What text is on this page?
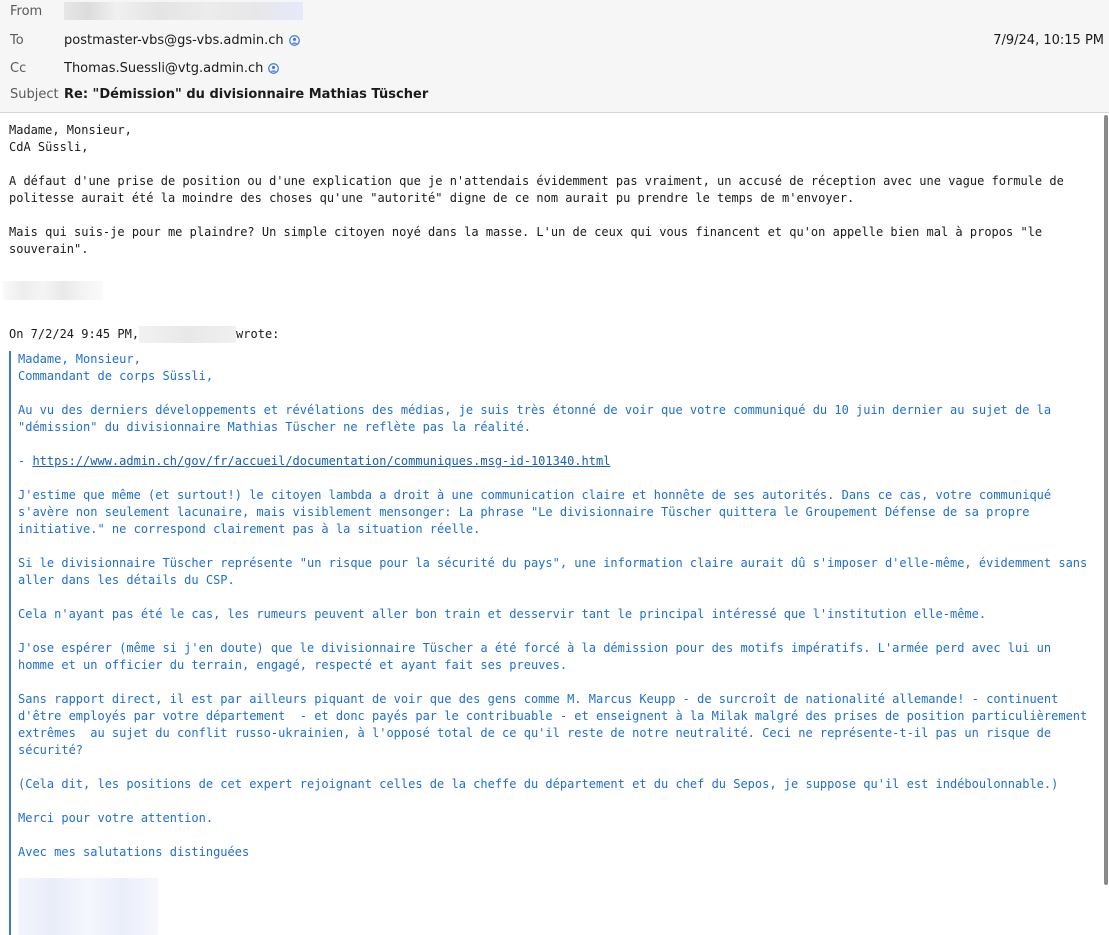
From
To	postmaster-vbs@gs-vbs.admin.ch	7/9/24, 10:15 PM
Cc	Thomas.Suessli@vtg.admin.ch
Subject Re: "Démission" du divisionnaire Mathias Tüscher
Madame, Monsieur,
CdA Süssli,
A défaut d'une prise de position ou d'une explication que je n'attendais évidemment pas vraiment, un accusé de réception avec une vague formule de
politesse aurait été la moindre des choses qu'une "autorité" digne de ce nom aurait pu prendre le temps de m'envoyer.
Mais qui suis-je pour me plaindre? Un simple citoyen noyé dans la masse. L'un de ceux qui vous financent et qu'on appelle bien mal à propos "le
souverain".
On 7/2/24 9:45 PM,	wrote:
Madame, Monsieur,
Commandant de corps Süssli,
Au vu des derniers développements et révélations des médias, je suis très étonné de voir que votre communiqué du 10 juin dernier au sujet de la
"démission" du divisionnaire Mathias Tüscher ne reflète pas la réalité.
- https://www.admin.ch/gov/fr/accueil/documentation/communiques.msg-id-101340.html
J'estime que même (et surtout!) le citoyen lambda a droit à une communication claire et honnête de ses autorités. Dans ce cas, votre communiqué
s'avère non seulement lacunaire, mais visiblement mensonger: La phrase "Le divisionnaire Tüscher quittera le Groupement Défense de sa propre
initiative." ne correspond clairement pas à la situation réelle.
Si le divisionnaire Tüscher représente "un risque pour la sécurité du pays", une information claire aurait dû s'imposer d'elle-même, évidemment sans
aller dans les détails du CSP.
Cela n'ayant pas été le cas, les rumeurs peuvent aller bon train et desservir tant le principal intéressé que l'institution elle-même.
J'ose espérer (même si j'en doute) que le divisionnaire Tüscher a été forcé à la démission pour des motifs impératifs. L'armée perd avec lui un
homme et un officier du terrain, engagé, respecté et ayant fait ses preuves.
Sans rapport direct, il est par ailleurs piquant de voir que des gens comme M. Marcus Keupp - de surcroît de nationalité allemande! - continuent
d'être employés par votre département  - et donc payés par le contribuable - et enseignent à la Milak malgré des prises de position particulièrement
extrêmes  au sujet du conflit russo-ukrainien, à l'opposé total de ce qu'il reste de notre neutralité. Ceci ne représente-t-il pas un risque de
sécurité?
(Cela dit, les positions de cet expert rejoignant celles de la cheffe du département et du chef du Sepos, je suppose qu'il est indéboulonnable.)
Merci pour votre attention.
Avec mes salutations distinguées
